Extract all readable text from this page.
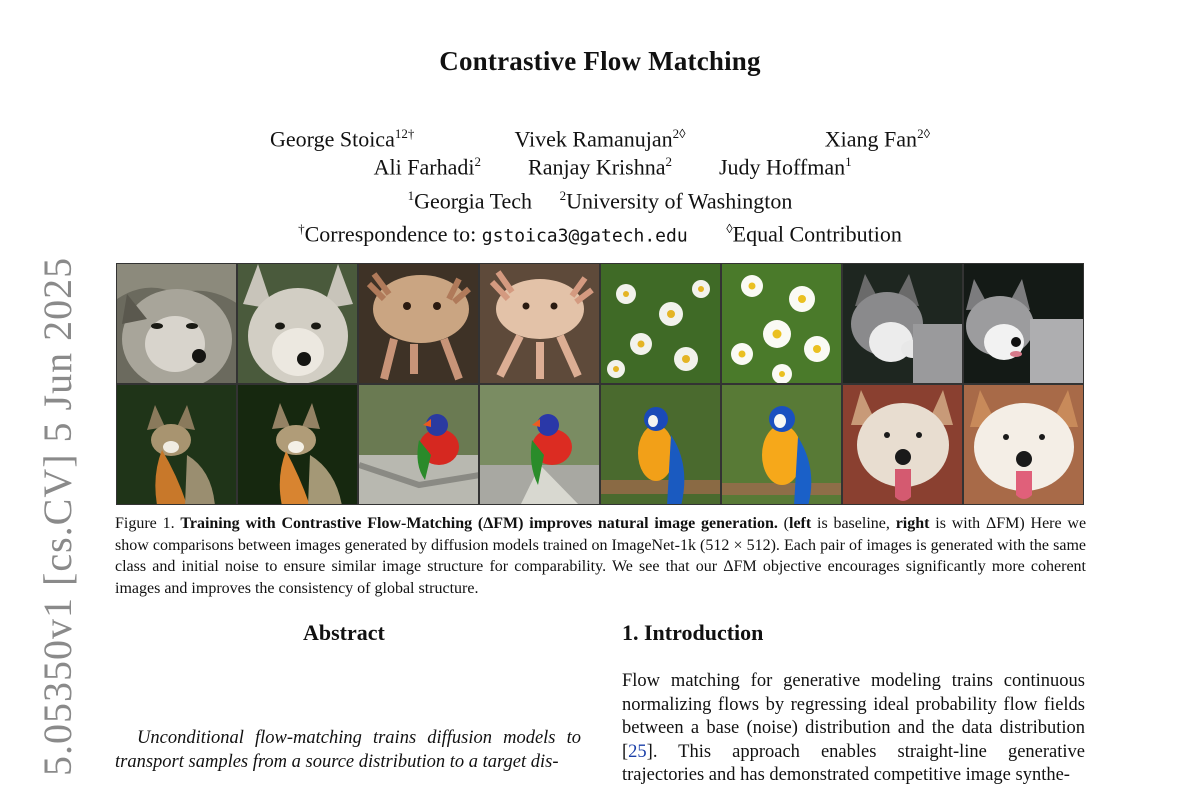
Contrastive Flow Matching
George Stoica$^{12\dagger}$	Vivek Ramanujan$^{2◊}$	Xiang Fan$^{2◊}$
Ali Farhadi$^2$	Ranjay Krishna$^2$	Judy Hoffman$^1$
$^1$Georgia Tech $^2$University of Washington
†Correspondence to: gstoica3@gatech.edu	◊Equal Contribution
5.05350v1 [cs.CV] 5 Jun 2025 Figure 1. Training with Contrastive Flow-Matching (ΔFM) improves natural image generation. (left is baseline, right is with ΔFM) Here we show comparisons between images generated by diffusion models trained on ImageNet-1k (512 × 512). Each pair of images is generated with the same class and initial noise to ensure similar image structure for comparability. We see that our ΔFM objective encourages significantly more coherent images and improves the consistency of global structure.
Abstract	1. Introduction
Unconditional flow-matching trains diffusion models to transport samples from a source distribution to a target dis-
Flow matching for generative modeling trains continuous normalizing flows by regressing ideal probability flow fields between a base (noise) distribution and the data distribution [25]. This approach enables straight-line generative trajectories and has demonstrated competitive image synthe-
